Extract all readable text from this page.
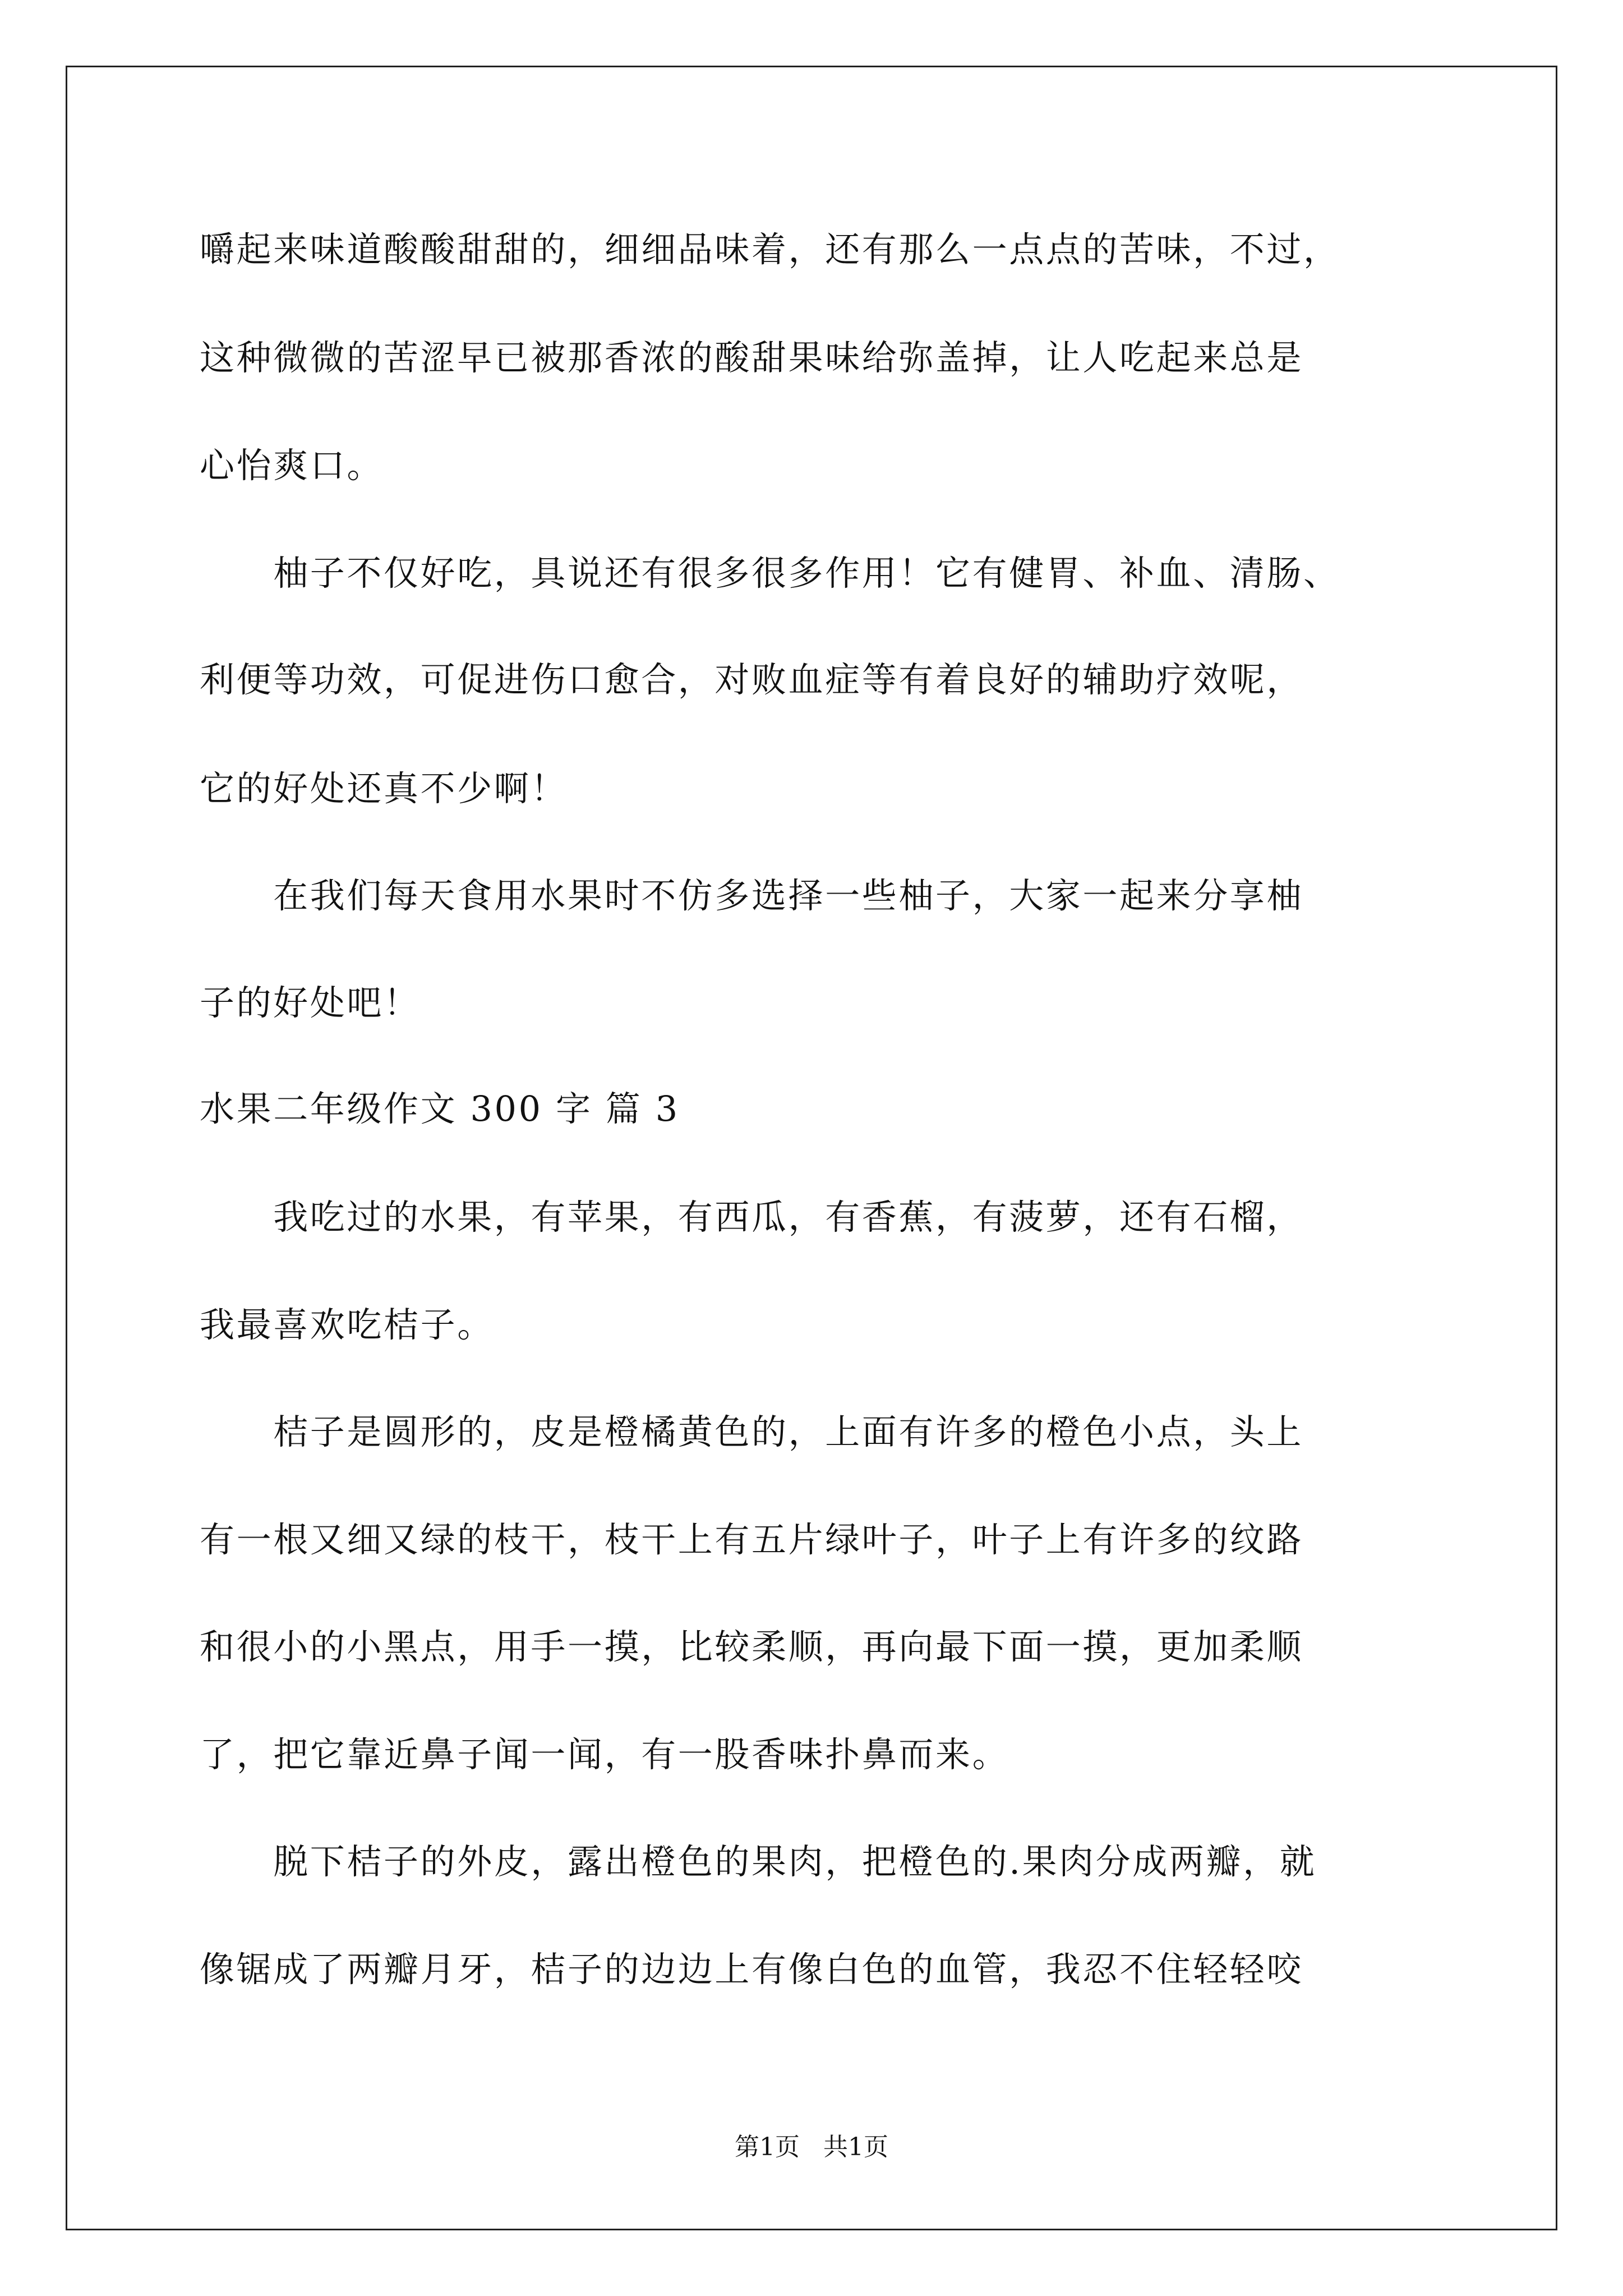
嚼起来味道酸酸甜甜的，细细品味着，还有那么一点点的苦味，不过，
这种微微的苦涩早已被那香浓的酸甜果味给弥盖掉，让人吃起来总是
心怡爽口。
　　柚子不仅好吃，具说还有很多很多作用！它有健胃、补血、清肠、
利便等功效，可促进伤口愈合，对败血症等有着良好的辅助疗效呢，
它的好处还真不少啊！
　　在我们每天食用水果时不仿多选择一些柚子，大家一起来分享柚
子的好处吧！
水果二年级作文 300 字 篇 3
　　我吃过的水果，有苹果，有西瓜，有香蕉，有菠萝，还有石榴，
我最喜欢吃桔子。
　　桔子是圆形的，皮是橙橘黄色的，上面有许多的橙色小点，头上
有一根又细又绿的枝干，枝干上有五片绿叶子，叶子上有许多的纹路
和很小的小黑点，用手一摸，比较柔顺，再向最下面一摸，更加柔顺
了，把它靠近鼻子闻一闻，有一股香味扑鼻而来。
　　脱下桔子的外皮，露出橙色的果肉，把橙色的.果肉分成两瓣，就
像锯成了两瓣月牙，桔子的边边上有像白色的血管，我忍不住轻轻咬
第1页   共1页
